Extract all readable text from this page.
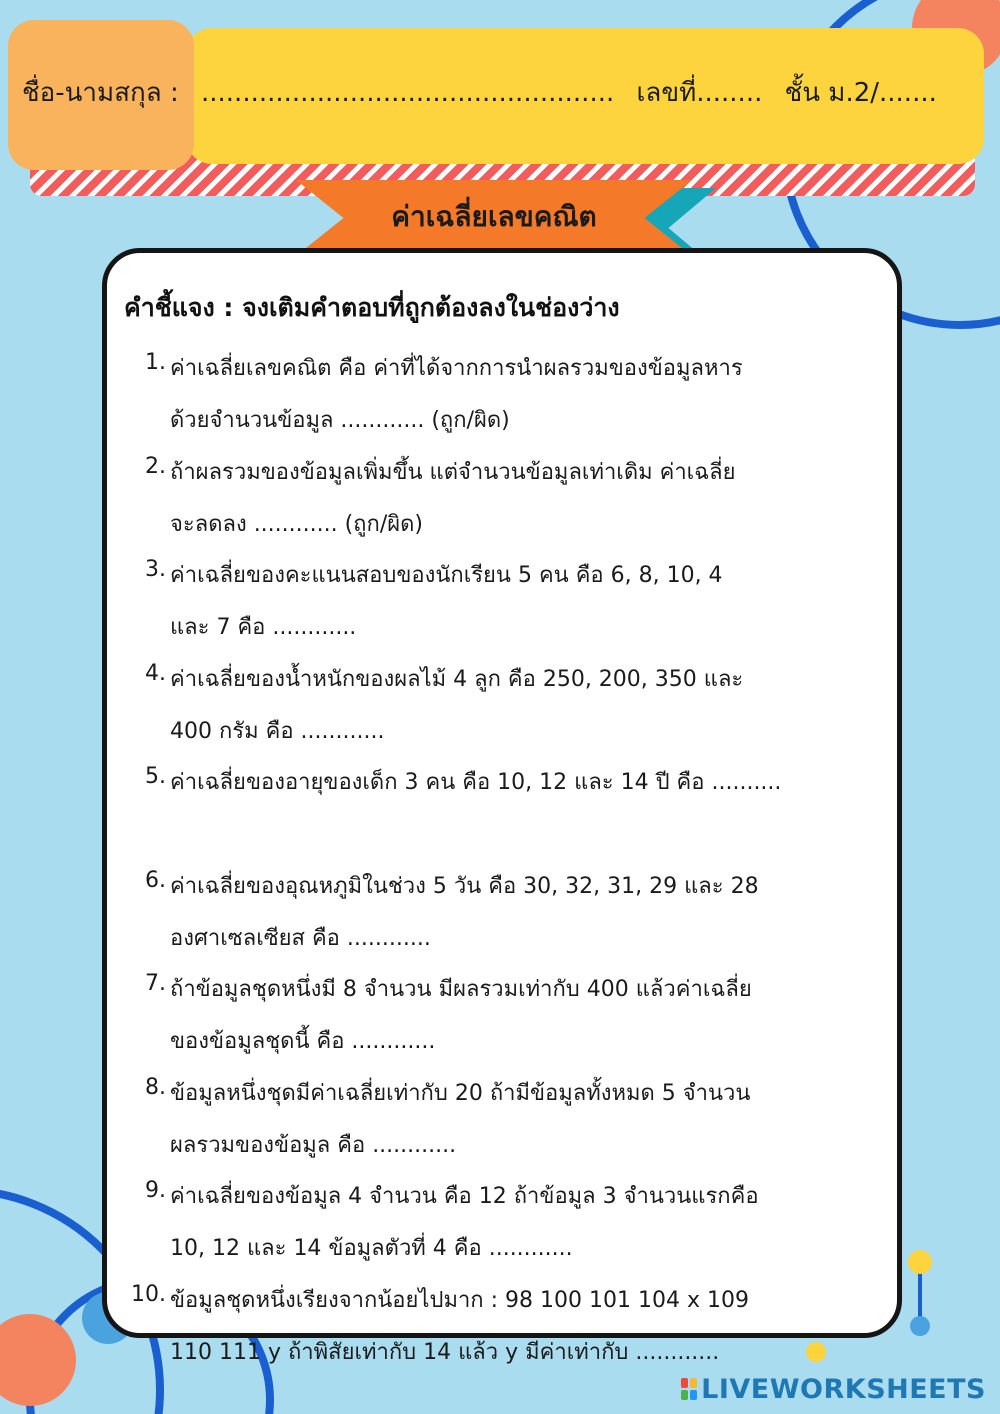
ชื่อ-นามสกุล : .................................................. เลขที่........ ชั้น ม.2/.......
ค่าเฉลี่ยเลขคณิต
คำชี้แจง : จงเติมคำตอบที่ถูกต้องลงในช่องว่าง
1. ค่าเฉลี่ยเลขคณิต คือ ค่าที่ได้จากการนำผลรวมของข้อมูลหาร
ด้วยจำนวนข้อมูล ............ (ถูก/ผิด)
2. ถ้าผลรวมของข้อมูลเพิ่มขึ้น แต่จำนวนข้อมูลเท่าเดิม ค่าเฉลี่ย
จะลดลง ............ (ถูก/ผิด)
3. ค่าเฉลี่ยของคะแนนสอบของนักเรียน 5 คน คือ 6, 8, 10, 4
และ 7 คือ ............
4. ค่าเฉลี่ยของน้ำหนักของผลไม้ 4 ลูก คือ 250, 200, 350 และ
400 กรัม คือ ............
5. ค่าเฉลี่ยของอายุของเด็ก 3 คน คือ 10, 12 และ 14 ปี คือ ..........
6. ค่าเฉลี่ยของอุณหภูมิในช่วง 5 วัน คือ 30, 32, 31, 29 และ 28
องศาเซลเซียส คือ ............
7. ถ้าข้อมูลชุดหนึ่งมี 8 จำนวน มีผลรวมเท่ากับ 400 แล้วค่าเฉลี่ย
ของข้อมูลชุดนี้ คือ ............
8. ข้อมูลหนึ่งชุดมีค่าเฉลี่ยเท่ากับ 20 ถ้ามีข้อมูลทั้งหมด 5 จำนวน
ผลรวมของข้อมูล คือ ............
9. ค่าเฉลี่ยของข้อมูล 4 จำนวน คือ 12 ถ้าข้อมูล 3 จำนวนแรกคือ
10, 12 และ 14 ข้อมูลตัวที่ 4 คือ ............
10. ข้อมูลชุดหนึ่งเรียงจากน้อยไปมาก : 98 100 101 104 x 109
110 111 y ถ้าพิสัยเท่ากับ 14 แล้ว y มีค่าเท่ากับ ............
LIVEWORKSHEETS
